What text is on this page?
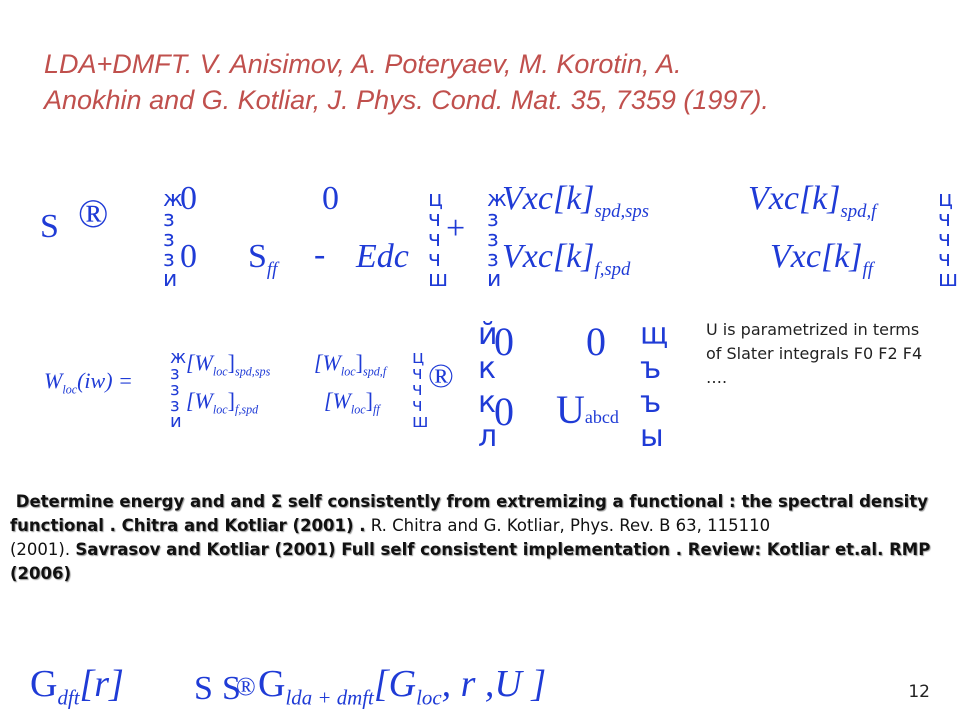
LDA+DMFT. V. Anisimov, A. Poteryaev, M. Korotin, A.
Anokhin and G. Kotliar, J. Phys. Cond. Mat. 35, 7359 (1997).
S ® ж з з з и
0	0
0 $S_{ff}$ - Edc
ц ч ч ч ш
+
ж з з з и
$Vxc[k]_{spd,sps}$	$Vxc[k]_{spd,f}$
$Vxc[k]_{f,spd}$	$Vxc[k]_{ff}$
ц ч ч ч ш
$W_{loc}(iw)$ =
ж з з з и
$[W_{loc}]_{spd,sps}$ $[W_{loc}]_{spd,f}$
$[W_{loc}]_{f,spd}$	$[W_{loc}]_{ff}$
ц ч ч ч ш
®
й к к л
0 0
0 Uabcd
щ ъ ъ ы
U is parametrized in terms of Slater integrals F0 F2 F4 ….
Determine energy and and Σ self consistently from extremizing a functional : the spectral density functional . Chitra and Kotliar (2001) . R. Chitra and G. Kotliar, Phys. Rev. B 63, 115110
(2001). Savrasov and Kotliar (2001) Full self consistent implementation . Review: Kotliar et.al. RMP (2006)
$G_{dft}[r]$ S S
® $G_{lda + dmft}[G_{loc}$, r ,U ]	12
